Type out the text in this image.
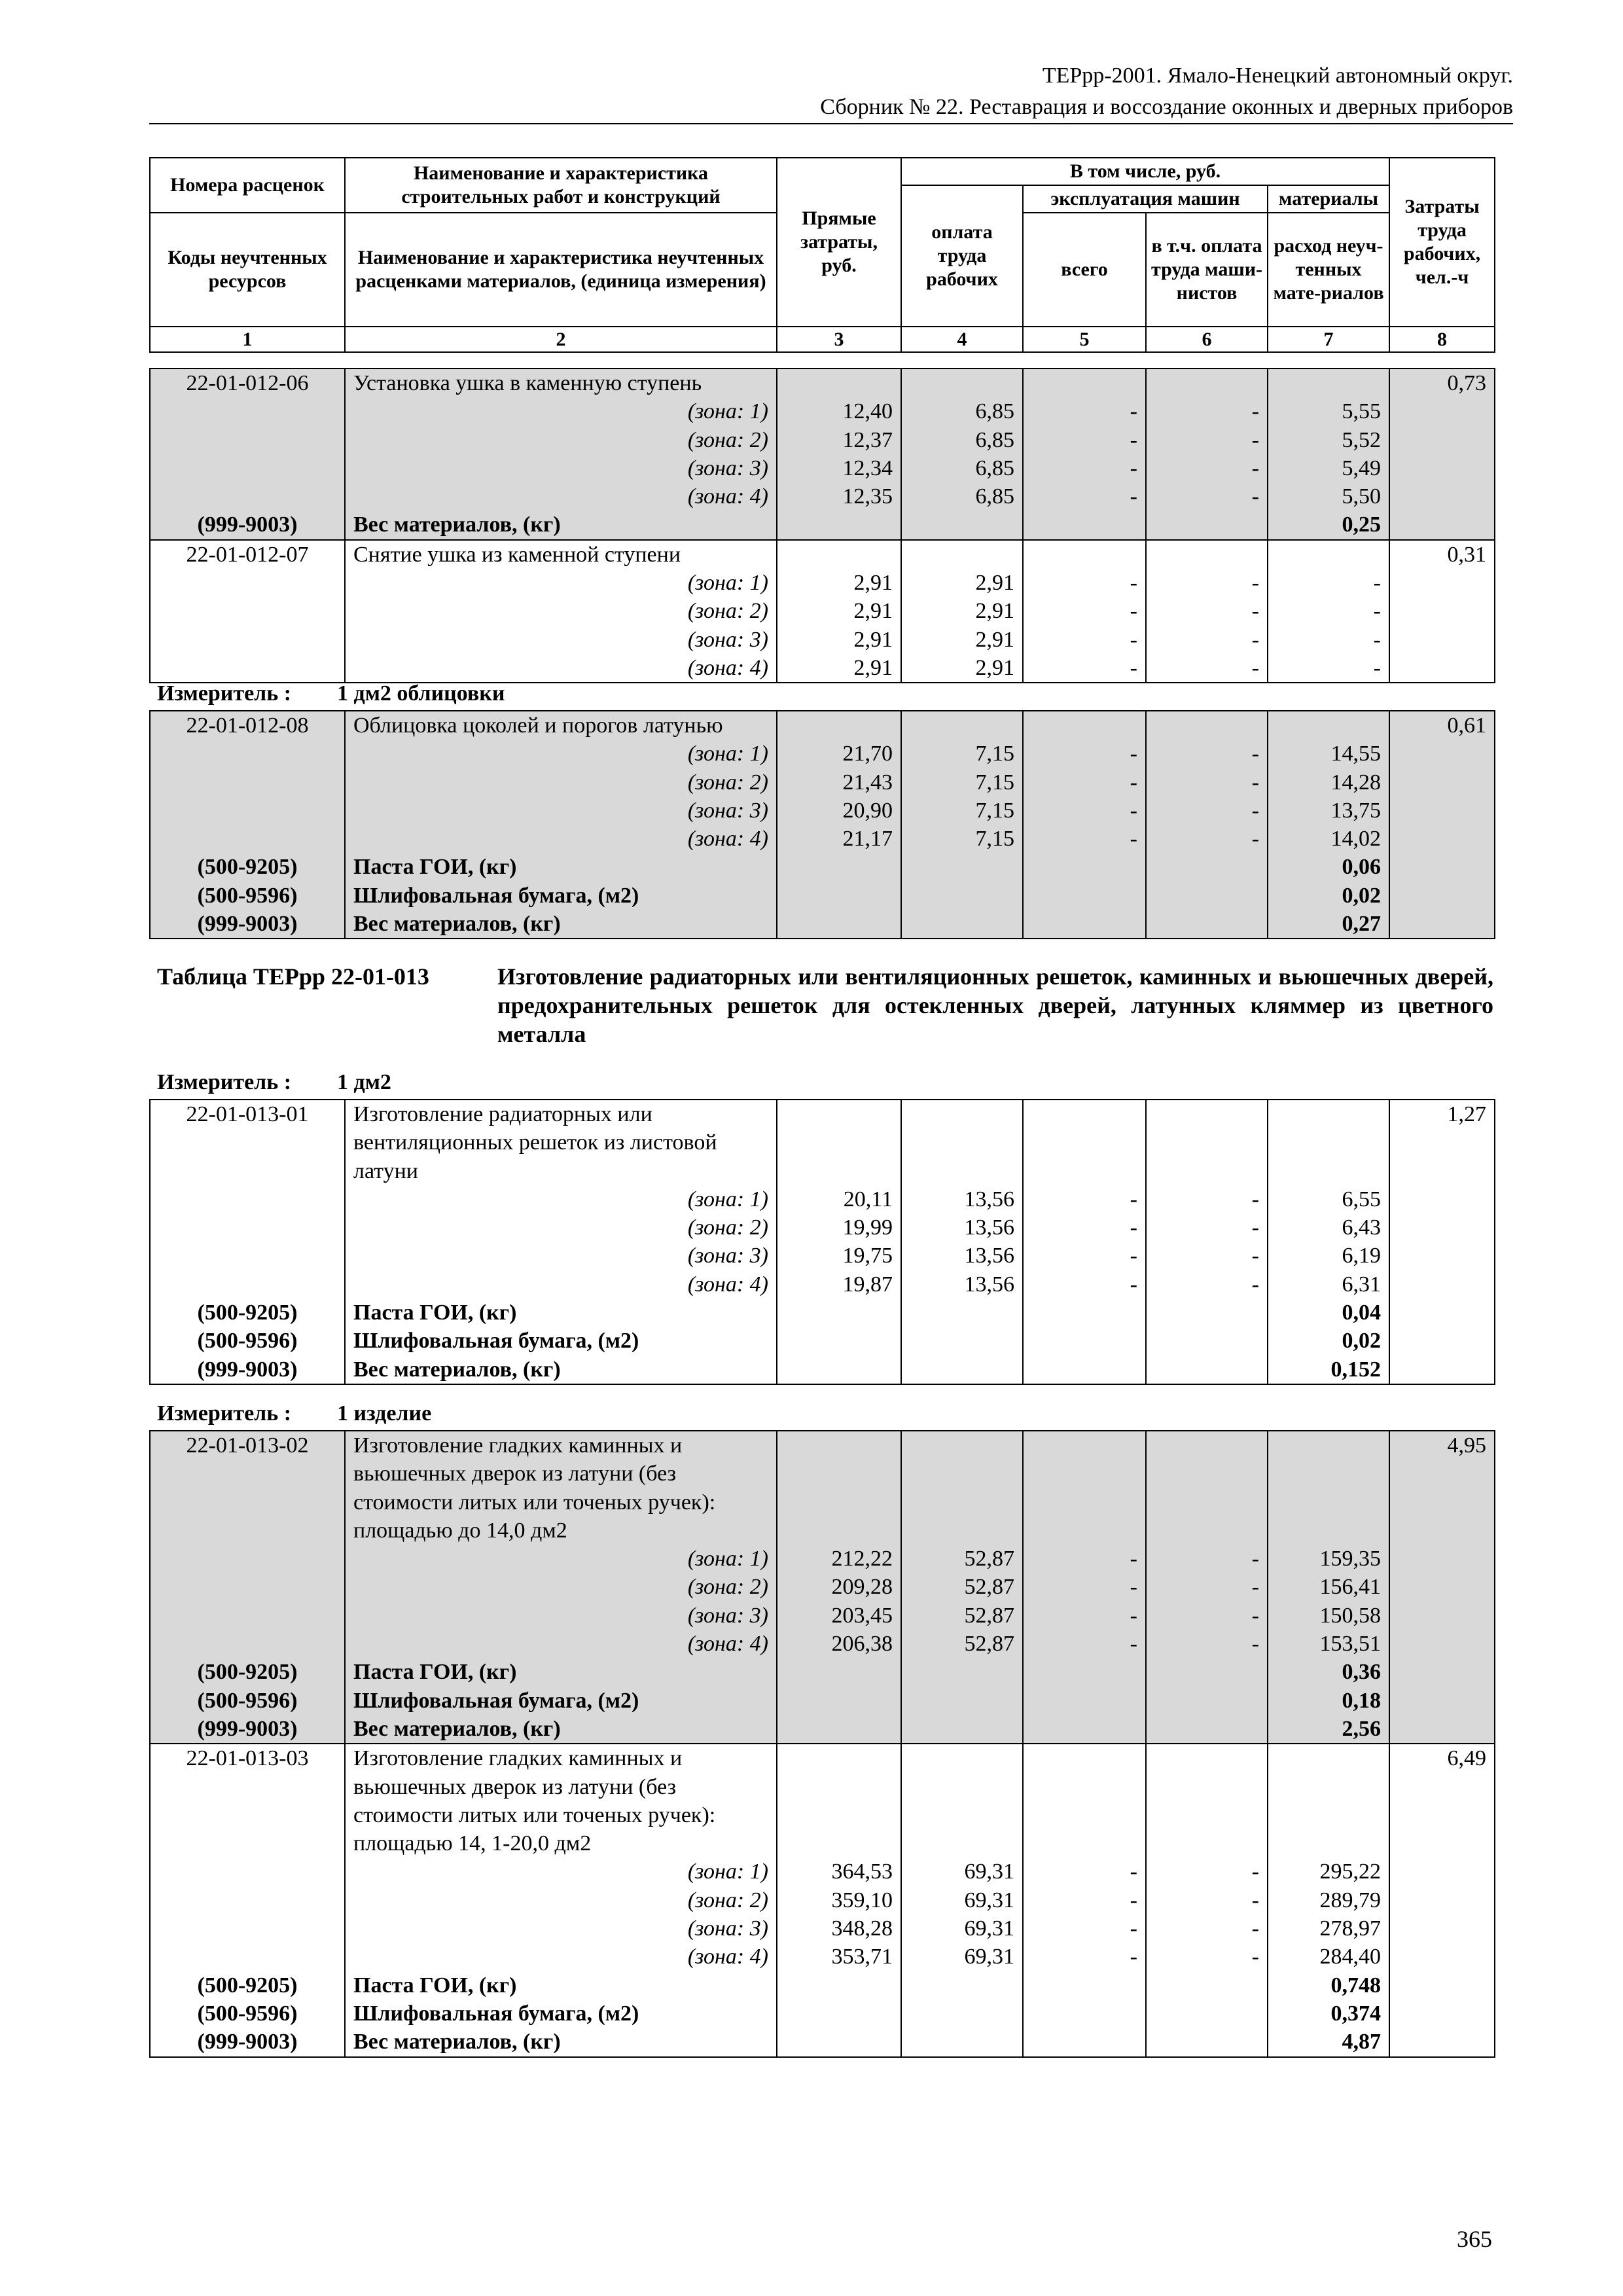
ТЕРрр-2001. Ямало-Ненецкий автономный округ.
Сборник № 22. Реставрация и воссоздание оконных и дверных приборов
Номера расценок	Наименование и характеристика строительных работ и конструкций	Прямые затраты, руб.	В том числе, руб.				Затраты труда рабочих, чел.-ч
			оплата труда рабочих	эксплуатация машин		материалы	
Коды неучтенных ресурсов	Наименование и характеристика неучтенных расценками материалов, (единица измерения)			всего	в т.ч. оплата труда маши-нистов	расход неуч-тенных мате-риалов	

1	2	3	4	5	6	7	8
22-01-012-06	Установка ушка в каменную ступень						0,73
	(зона: 1)	12,40	6,85	-	-	5,55	
	(зона: 2)	12,37	6,85	-	-	5,52	
	(зона: 3)	12,34	6,85	-	-	5,49	
	(зона: 4)	12,35	6,85	-	-	5,50	
(999-9003)	Вес материалов, (кг)					0,25	
22-01-012-07	Снятие ушка из каменной ступени						0,31
	(зона: 1)	2,91	2,91	-	-	-	
	(зона: 2)	2,91	2,91	-	-	-	
	(зона: 3)	2,91	2,91	-	-	-	
	(зона: 4)	2,91	2,91	-	-	-	
Измеритель : 1 дм2 облицовки
22-01-012-08	Облицовка цоколей и порогов латунью						0,61
	(зона: 1)	21,70	7,15	-	-	14,55	
	(зона: 2)	21,43	7,15	-	-	14,28	
	(зона: 3)	20,90	7,15	-	-	13,75	
	(зона: 4)	21,17	7,15	-	-	14,02	
(500-9205)	Паста ГОИ, (кг)					0,06	
(500-9596)	Шлифовальная бумага, (м2)					0,02	
(999-9003)	Вес материалов, (кг)					0,27	
Таблица ТЕРрр 22-01-013	Изготовление радиаторных или вентиляционных решеток, каминных и вьюшечных дверей, предохранительных решеток для остекленных дверей, латунных кляммер из цветного металла
Измеритель : 1 дм2
22-01-013-01	Изготовление радиаторных или
вентиляционных решеток из листовой
латуни						1,27
	(зона: 1)	20,11	13,56	-	-	6,55	
	(зона: 2)	19,99	13,56	-	-	6,43	
	(зона: 3)	19,75	13,56	-	-	6,19	
	(зона: 4)	19,87	13,56	-	-	6,31	
(500-9205)	Паста ГОИ, (кг)					0,04	
(500-9596)	Шлифовальная бумага, (м2)					0,02	
(999-9003)	Вес материалов, (кг)					0,152	
Измеритель : 1 изделие
22-01-013-02	Изготовление гладких каминных и
вьюшечных дверок из латуни (без
стоимости литых или точеных ручек):
площадью до 14,0 дм2						4,95
	(зона: 1)	212,22	52,87	-	-	159,35	
	(зона: 2)	209,28	52,87	-	-	156,41	
	(зона: 3)	203,45	52,87	-	-	150,58	
	(зона: 4)	206,38	52,87	-	-	153,51	
(500-9205)	Паста ГОИ, (кг)					0,36	
(500-9596)	Шлифовальная бумага, (м2)					0,18	
(999-9003)	Вес материалов, (кг)					2,56	
22-01-013-03	Изготовление гладких каминных и
вьюшечных дверок из латуни (без
стоимости литых или точеных ручек):
площадью 14, 1-20,0 дм2						6,49
	(зона: 1)	364,53	69,31	-	-	295,22	
	(зона: 2)	359,10	69,31	-	-	289,79	
	(зона: 3)	348,28	69,31	-	-	278,97	
	(зона: 4)	353,71	69,31	-	-	284,40	
(500-9205)	Паста ГОИ, (кг)					0,748	
(500-9596)	Шлифовальная бумага, (м2)					0,374	
(999-9003)	Вес материалов, (кг)					4,87	
365
